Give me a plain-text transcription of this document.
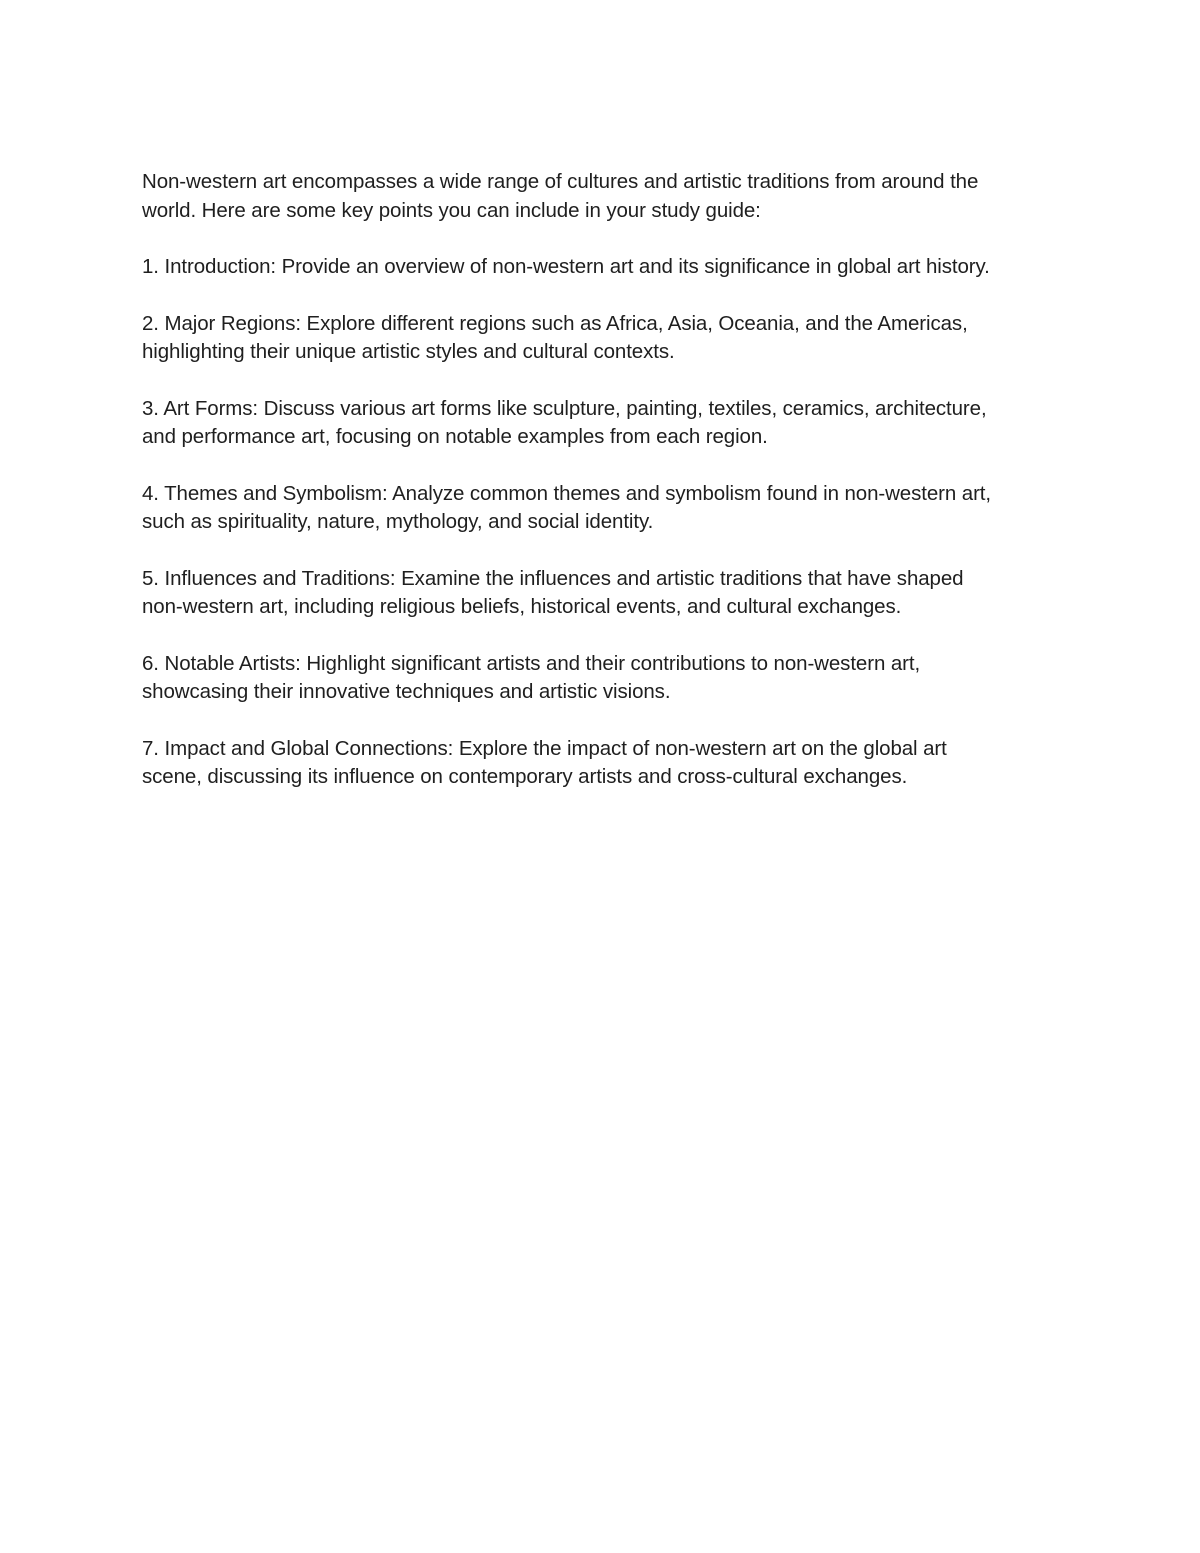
Non-western art encompasses a wide range of cultures and artistic traditions from around the
world. Here are some key points you can include in your study guide:

1. Introduction: Provide an overview of non-western art and its significance in global art history.

2. Major Regions: Explore different regions such as Africa, Asia, Oceania, and the Americas,
highlighting their unique artistic styles and cultural contexts.

3. Art Forms: Discuss various art forms like sculpture, painting, textiles, ceramics, architecture,
and performance art, focusing on notable examples from each region.

4. Themes and Symbolism: Analyze common themes and symbolism found in non-western art,
such as spirituality, nature, mythology, and social identity.

5. Influences and Traditions: Examine the influences and artistic traditions that have shaped
non-western art, including religious beliefs, historical events, and cultural exchanges.

6. Notable Artists: Highlight significant artists and their contributions to non-western art,
showcasing their innovative techniques and artistic visions.

7. Impact and Global Connections: Explore the impact of non-western art on the global art
scene, discussing its influence on contemporary artists and cross-cultural exchanges.
